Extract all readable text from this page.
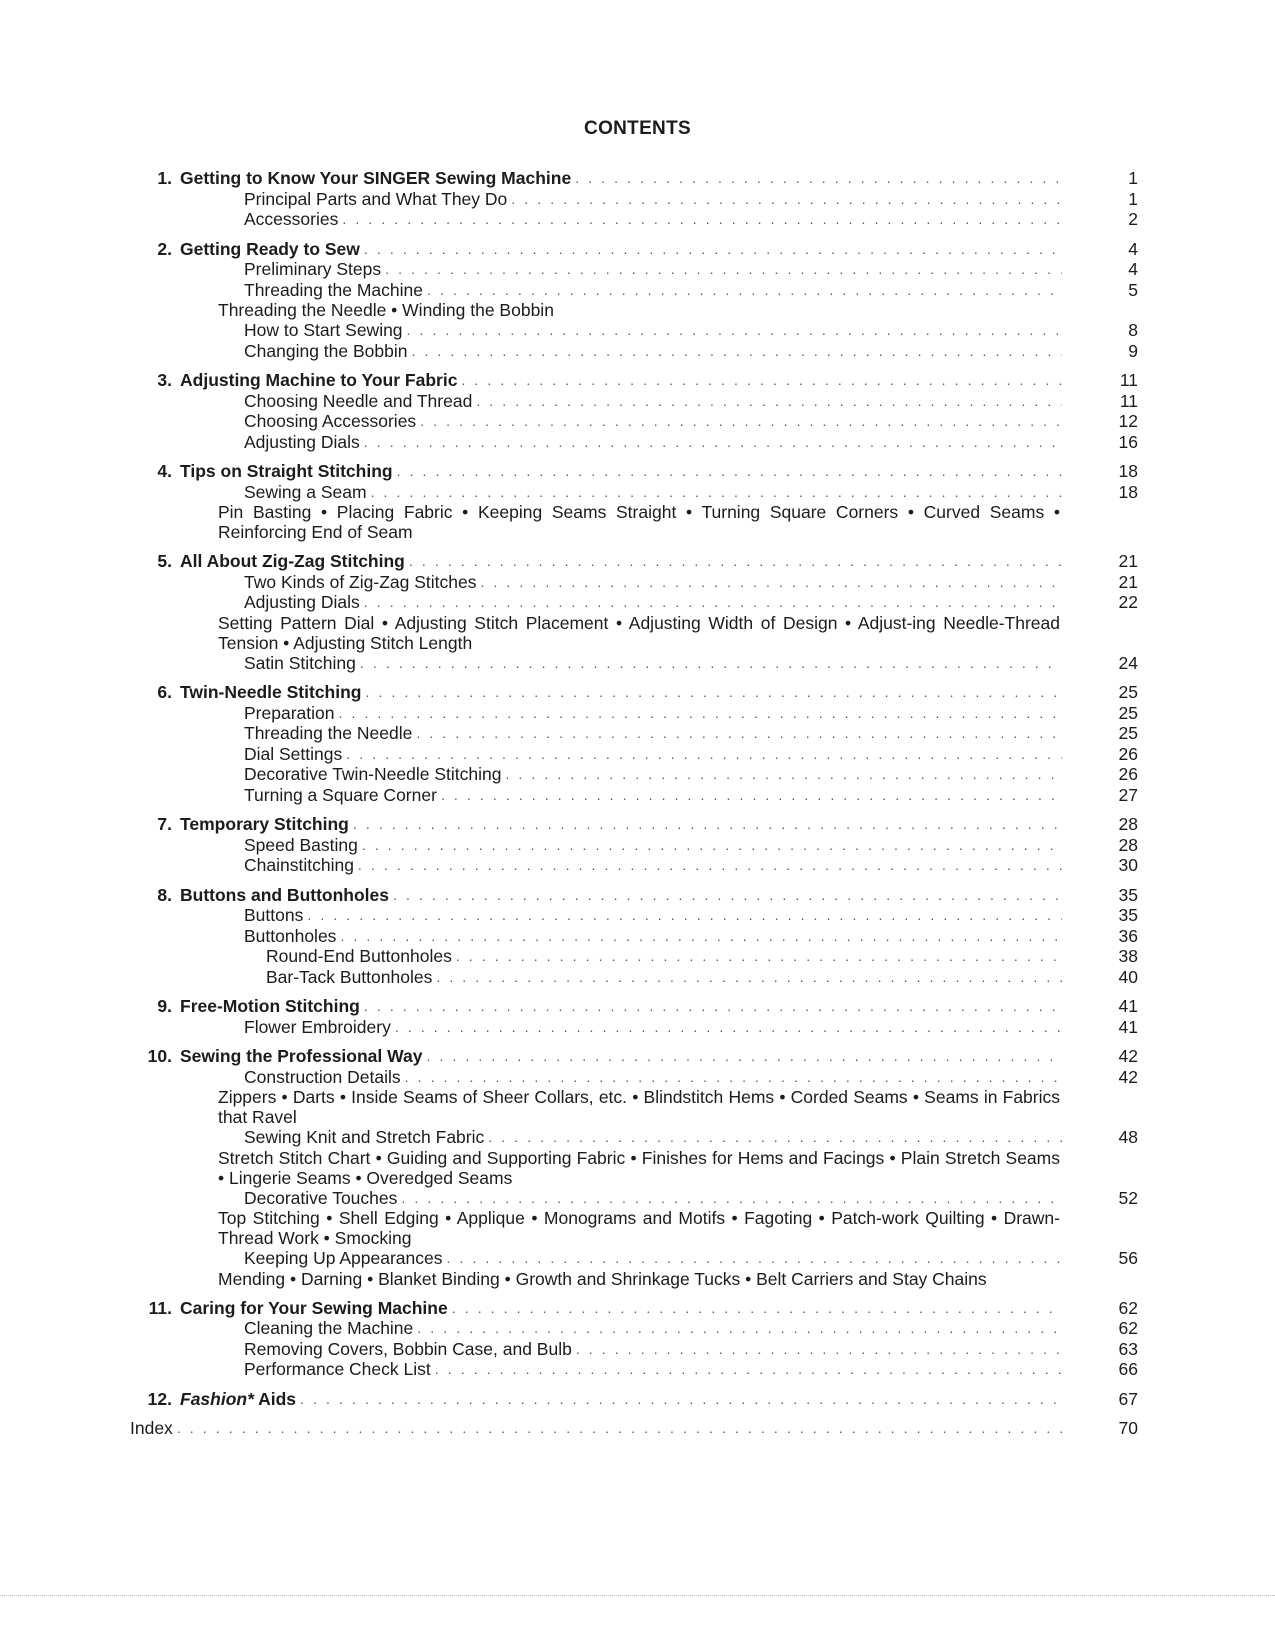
CONTENTS
1. Getting to Know Your SINGER Sewing Machine . . .	1
Principal Parts and What They Do . . .	1
Accessories . . .	2
2. Getting Ready to Sew . . .	4
Preliminary Steps . . .	4
Threading the Machine . . .	5
Threading the Needle • Winding the Bobbin
How to Start Sewing . . .	8
Changing the Bobbin . . .	9
3. Adjusting Machine to Your Fabric . . .	11
Choosing Needle and Thread . . .	11
Choosing Accessories . . .	12
Adjusting Dials . . .	16
4. Tips on Straight Stitching . . .	18
Sewing a Seam . . .	18
Pin Basting • Placing Fabric • Keeping Seams Straight • Turning Square Corners • Curved Seams • Reinforcing End of Seam
5. All About Zig-Zag Stitching . . .	21
Two Kinds of Zig-Zag Stitches . . .	21
Adjusting Dials . . .	22
Setting Pattern Dial • Adjusting Stitch Placement • Adjusting Width of Design • Adjust-ing Needle-Thread Tension • Adjusting Stitch Length
Satin Stitching . . .	24
6. Twin-Needle Stitching . . .	25
Preparation . . .	25
Threading the Needle . . .	25
Dial Settings . . .	26
Decorative Twin-Needle Stitching . . .	26
Turning a Square Corner . . .	27
7. Temporary Stitching . . .	28
Speed Basting . . .	28
Chainstitching . . .	30
8. Buttons and Buttonholes . . .	35
Buttons . . .	35
Buttonholes . . .	36
Round-End Buttonholes . . .	38
Bar-Tack Buttonholes . . .	40
9. Free-Motion Stitching . . .	41
Flower Embroidery . . .	41
10. Sewing the Professional Way . . .	42
Construction Details . . .	42
Zippers • Darts • Inside Seams of Sheer Collars, etc. • Blindstitch Hems • Corded Seams • Seams in Fabrics that Ravel
Sewing Knit and Stretch Fabric . . .	48
Stretch Stitch Chart • Guiding and Supporting Fabric • Finishes for Hems and Facings • Plain Stretch Seams • Lingerie Seams • Overedged Seams
Decorative Touches . . .	52
Top Stitching • Shell Edging • Applique • Monograms and Motifs • Fagoting • Patch-work Quilting • Drawn-Thread Work • Smocking
Keeping Up Appearances . . .	56
Mending • Darning • Blanket Binding • Growth and Shrinkage Tucks • Belt Carriers and Stay Chains
11. Caring for Your Sewing Machine . . .	62
Cleaning the Machine . . .	62
Removing Covers, Bobbin Case, and Bulb . . .	63
Performance Check List . . .	66
12. Fashion* Aids . . .	67
Index . . .	70
